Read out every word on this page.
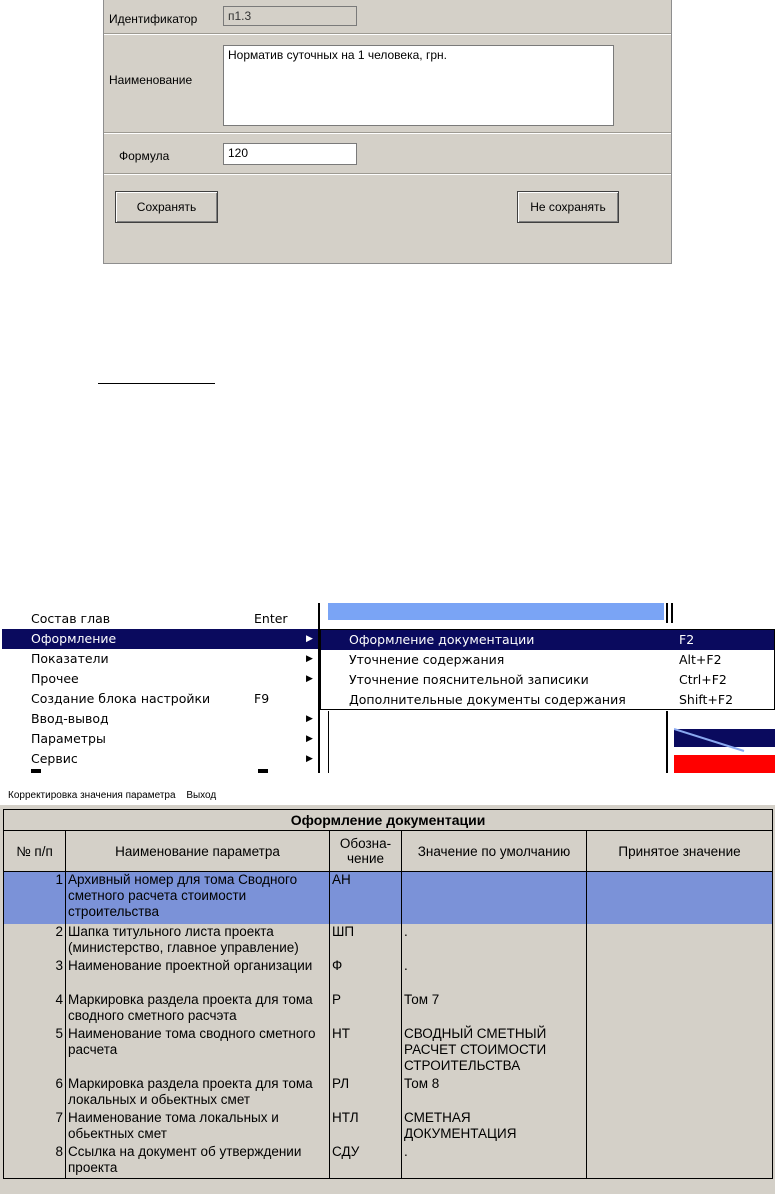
Идентификатор	п1.3
Наименование
Норматив суточных на 1 человека, грн.
Формула	120
Сохранять	Не сохранять
Состав глав	Enter
Оформление	▶
Показатели	▶
Прочее	▶
Создание блока настройки	F9
Ввод-вывод	▶
Параметры	▶
Сервис	▶
Оформление документации	F2
Уточнение содержания	Alt+F2
Уточнение пояснительной записики	Ctrl+F2
Дополнительные документы содержания	Shift+F2
Корректировка значения параметра Выход
Оформление документации				
№ п/п	Наименование параметра	Обозна-чение	Значение по умолчанию	Принятое значение
1	Архивный номер для тома Сводного сметного расчета стоимости строительства	АН		
2	Шапка титульного листа проекта (министерство, главное управление)	ШП	.	
3	Наименование проектной организации	Ф	.	
4	Маркировка раздела проекта для тома сводного сметного расчэта	Р	Том 7	
5	Наименование тома сводного сметного расчета	НТ	СВОДНЫЙ СМЕТНЫЙ РАСЧЕТ СТОИМОСТИ СТРОИТЕЛЬСТВА	
6	Маркировка раздела проекта для тома локальных и обьектных смет	РЛ	Том 8	
7	Наименование тома локальных и обьектных смет	НТЛ	СМЕТНАЯ ДОКУМЕНТАЦИЯ	
8	Ссылка на документ об утверждении проекта	СДУ	.	
